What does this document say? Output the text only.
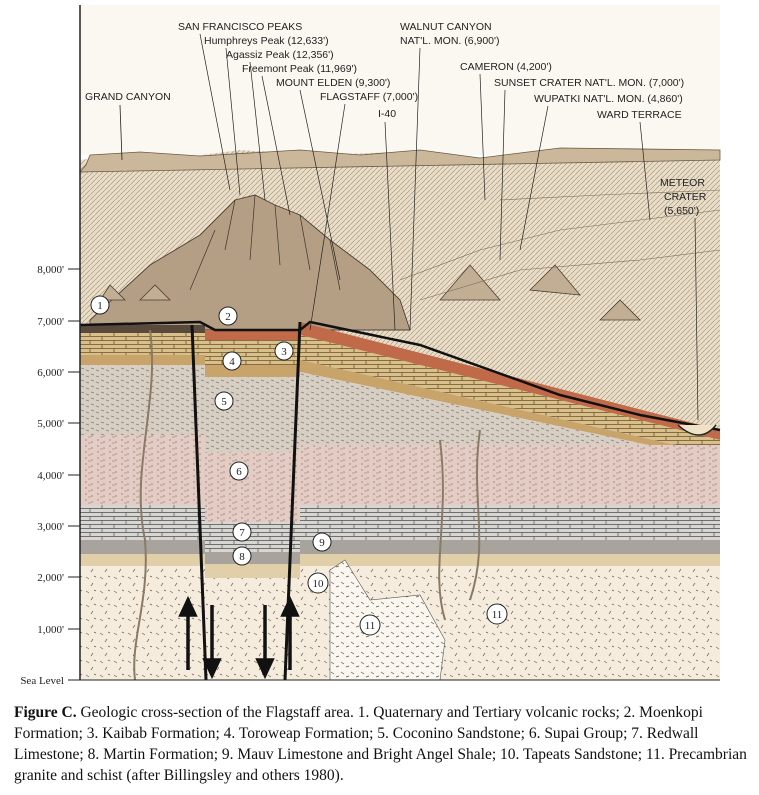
8,000'
7,000'
6,000'
5,000'
4,000'
3,000'
2,000'
1,000'
Sea Level
GRAND CANYON
SAN FRANCISCO PEAKS
Humphreys Peak (12,633')
Agassiz Peak (12,356')
Freemont Peak (11,969')
MOUNT ELDEN (9,300')
FLAGSTAFF (7,000')
I-40
WALNUT CANYON
NAT'L. MON. (6,900')
CAMERON (4,200')
SUNSET CRATER NAT'L. MON. (7,000')
WUPATKI NAT'L. MON. (4,860')
WARD TERRACE
METEOR
CRATER
(5,650')
1
2
3
4
5
6
7
8
9
10
11
11
Figure C. Geologic cross-section of the Flagstaff area. 1. Quaternary and Tertiary volcanic rocks; 2. Moenkopi Formation; 3. Kaibab Formation; 4. Toroweap Formation; 5. Coconino Sandstone; 6. Supai Group; 7. Redwall Limestone; 8. Martin Formation; 9. Mauv Limestone and Bright Angel Shale; 10. Tapeats Sandstone; 11. Precambrian granite and schist (after Billingsley and others 1980).
